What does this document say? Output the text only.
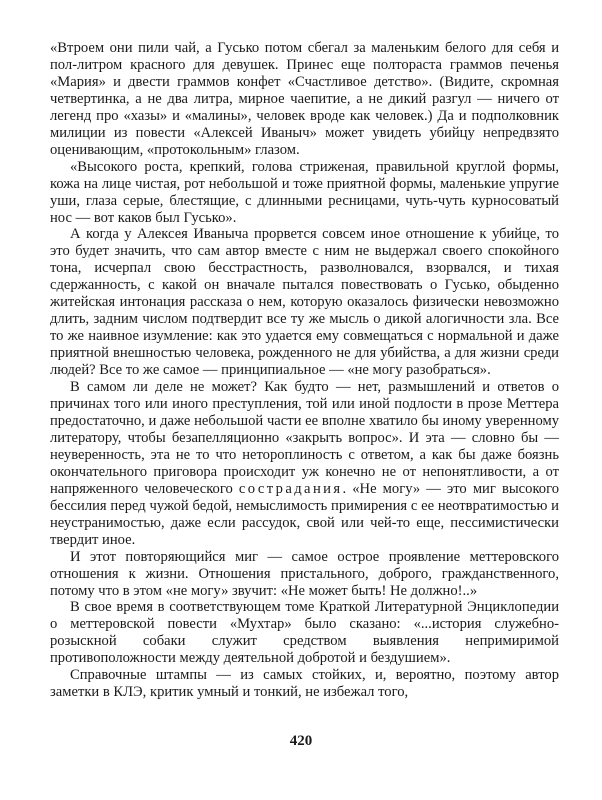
«Втроем они пили чай, а Гусько потом сбегал за маленьким белого для себя и пол-литром красного для девушек. Принес еще полтораста граммов печенья «Мария» и двести граммов конфет «Счастливое детство». (Видите, скромная четвертинка, а не два литра, мирное чаепитие, а не дикий разгул — ничего от легенд про «хазы» и «малины», человек вроде как человек.) Да и подполковник милиции из повести «Алексей Иваныч» может увидеть убийцу непредвзято оценивающим, «протокольным» глазом.

«Высокого роста, крепкий, голова стриженая, правильной круглой формы, кожа на лице чистая, рот небольшой и тоже приятной формы, маленькие упругие уши, глаза серые, блестящие, с длинными ресницами, чуть-чуть курносоватый нос — вот каков был Гусько».

А когда у Алексея Иваныча прорвется совсем иное отношение к убийце, то это будет значить, что сам автор вместе с ним не выдержал своего спокойного тона, исчерпал свою бесстрастность, разволновался, взорвался, и тихая сдержанность, с какой он вначале пытался повествовать о Гусько, обыденно житейская интонация рассказа о нем, которую оказалось физически невозможно длить, задним числом подтвердит все ту же мысль о дикой алогичности зла. Все то же наивное изумление: как это удается ему совмещаться с нормальной и даже приятной внешностью человека, рожденного не для убийства, а для жизни среди людей? Все то же самое — принципиальное — «не могу разобраться».

В самом ли деле не может? Как будто — нет, размышлений и ответов о причинах того или иного преступления, той или иной подлости в прозе Меттера предостаточно, и даже небольшой части ее вполне хватило бы иному уверенному литератору, чтобы безапелляционно «закрыть вопрос». И эта — словно бы — неуверенность, эта не то что нетороплиность с ответом, а как бы даже боязнь окончательного приговора происходит уж конечно не от непонятливости, а от напряженного человеческого сострадания. «Не могу» — это миг высокого бессилия перед чужой бедой, немыслимость примирения с ее неотвратимостью и неустранимостью, даже если рассудок, свой или чей-то еще, пессимистически твердит иное.

И этот повторяющийся миг — самое острое проявление меттеровского отношения к жизни. Отношения пристального, доброго, гражданственного, потому что в этом «не могу» звучит: «Не может быть! Не должно!..»

В свое время в соответствующем томе Краткой Литературной Энциклопедии о меттеровской повести «Мухтар» было сказано: «...история служебно-розыскной собаки служит средством выявления непримиримой противоположности между деятельной добротой и бездушием».

Справочные штампы — из самых стойких, и, вероятно, поэтому автор заметки в КЛЭ, критик умный и тонкий, не избежал того,

420
